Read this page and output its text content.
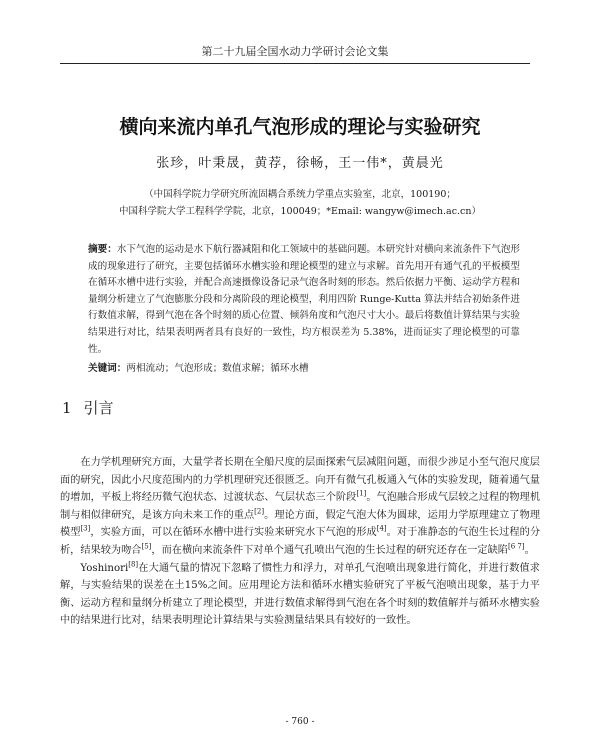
第二十九届全国水动力学研讨会论文集
横向来流内单孔气泡形成的理论与实验研究
张珍，叶秉晟，黄荐，徐畅，王一伟*，黄晨光
（中国科学院力学研究所流固耦合系统力学重点实验室，北京，100190；
中国科学院大学工程科学学院，北京，100049；*Email: wangyw@imech.ac.cn）
摘要：水下气泡的运动是水下航行器减阻和化工领域中的基础问题。本研究针对横向来流条件下气泡形成的现象进行了研究，主要包括循环水槽实验和理论模型的建立与求解。首先用开有通气孔的平板模型在循环水槽中进行实验，并配合高速摄像设备记录气泡各时刻的形态。然后依据力平衡、运动学方程和量纲分析建立了气泡膨胀分段和分离阶段的理论模型，利用四阶 Runge-Kutta 算法并结合初始条件进行数值求解，得到气泡在各个时刻的质心位置、倾斜角度和气泡尺寸大小。最后将数值计算结果与实验结果进行对比，结果表明两者具有良好的一致性，均方根误差为 5.38%，进而证实了理论模型的可靠性。
关键词：两相流动；气泡形成；数值求解；循环水槽
1 引言

在力学机理研究方面，大量学者长期在全船尺度的层面探索气层减阻问题，而很少涉足小至气泡尺度层面的研究，因此小尺度范围内的力学机理研究还很匮乏。向开有微气孔板通入气体的实验发现，随着通气量的增加，平板上将经历微气泡状态、过渡状态、气层状态三个阶段[1]。气泡融合形成气层较之过程的物理机制与相似律研究，是该方向未来工作的重点[2]。理论方面，假定气泡大体为圆球，运用力学原理建立了物理模型[3]，实验方面，可以在循环水槽中进行实验来研究水下气泡的形成[4]。对于准静态的气泡生长过程的分析，结果较为吻合[5]，而在横向来流条件下对单个通气孔喷出气泡的生长过程的研究还存在一定缺陷[6 7]。

Yoshinori[8]在大通气量的情况下忽略了惯性力和浮力，对单孔气泡喷出现象进行简化，并进行数值求解，与实验结果的误差在土15%之间。应用理论方法和循环水槽实验研究了平板气泡喷出现象，基于力平衡、运动方程和量纲分析建立了理论模型，并进行数值求解得到气泡在各个时刻的数值解并与循环水槽实验中的结果进行比对，结果表明理论计算结果与实验测量结果具有较好的一致性。

- 760 -
